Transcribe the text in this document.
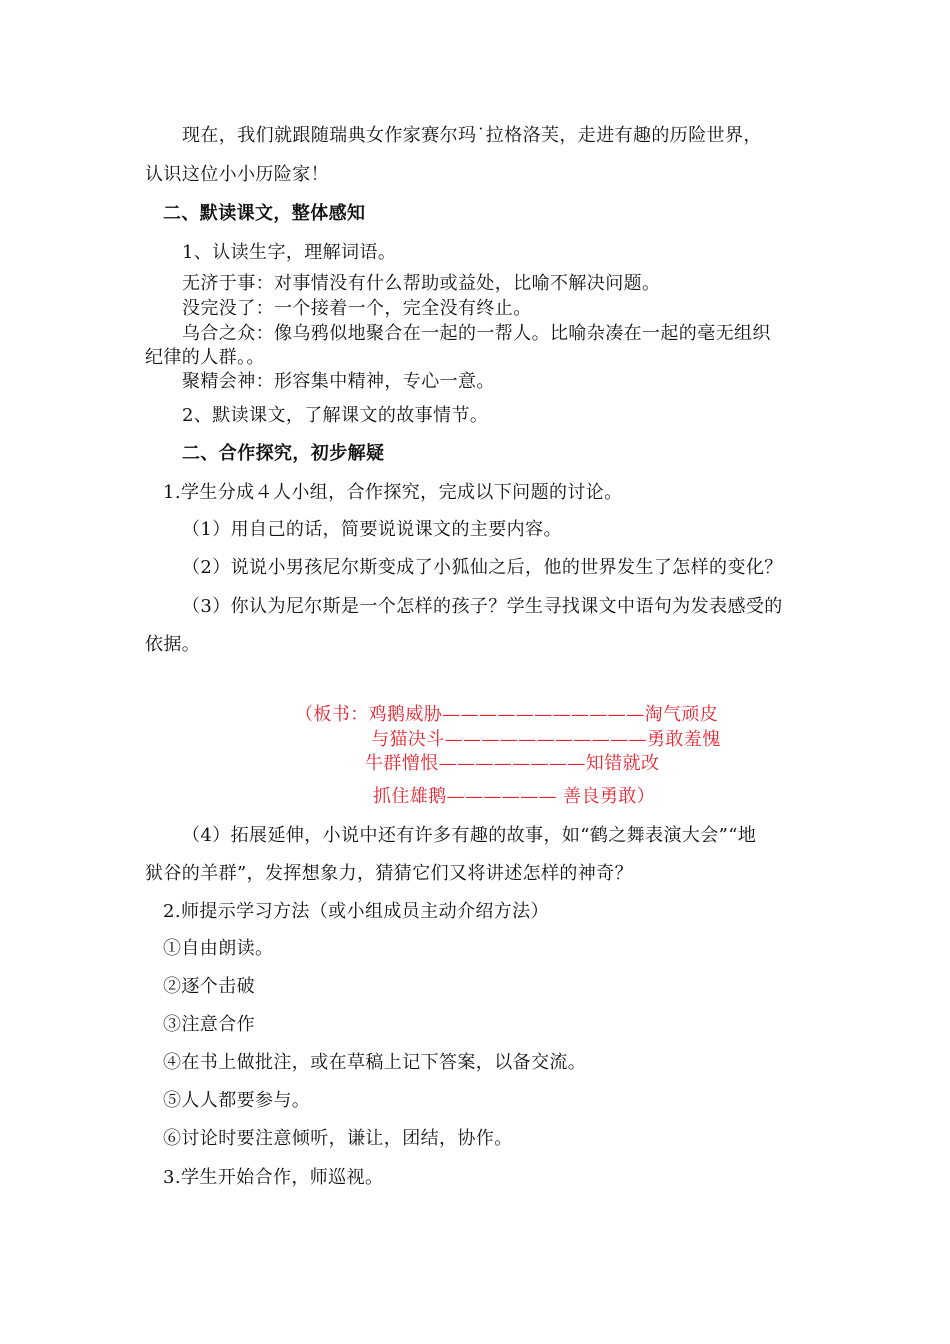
现在，我们就跟随瑞典女作家赛尔玛˙拉格洛芙，走进有趣的历险世界，
认识这位小小历险家！
二、默读课文，整体感知
1、认读生字，理解词语。
无济于事：对事情没有什么帮助或益处，比喻不解决问题。
没完没了：一个接着一个，完全没有终止。
乌合之众：像乌鸦似地聚合在一起的一帮人。比喻杂凑在一起的毫无组织
纪律的人群。。
聚精会神：形容集中精神，专心一意。
2、默读课文，了解课文的故事情节。
二、合作探究，初步解疑
1.学生分成４人小组，合作探究，完成以下问题的讨论。
（1）用自己的话，简要说说课文的主要内容。
（2）说说小男孩尼尔斯变成了小狐仙之后，他的世界发生了怎样的变化？
（3）你认为尼尔斯是一个怎样的孩子？学生寻找课文中语句为发表感受的
依据。
（板书：鸡鹅威胁———————————淘气顽皮
与猫决斗———————————勇敢羞愧
牛群憎恨————————知错就改
抓住雄鹅—————— 善良勇敢）
（4）拓展延伸，小说中还有许多有趣的故事，如“鹤之舞表演大会”“地
狱谷的羊群”，发挥想象力，猜猜它们又将讲述怎样的神奇？
2.师提示学习方法（或小组成员主动介绍方法）
①自由朗读。
②逐个击破
③注意合作
④在书上做批注，或在草稿上记下答案，以备交流。
⑤人人都要参与。
⑥讨论时要注意倾听，谦让，团结，协作。
3.学生开始合作，师巡视。
